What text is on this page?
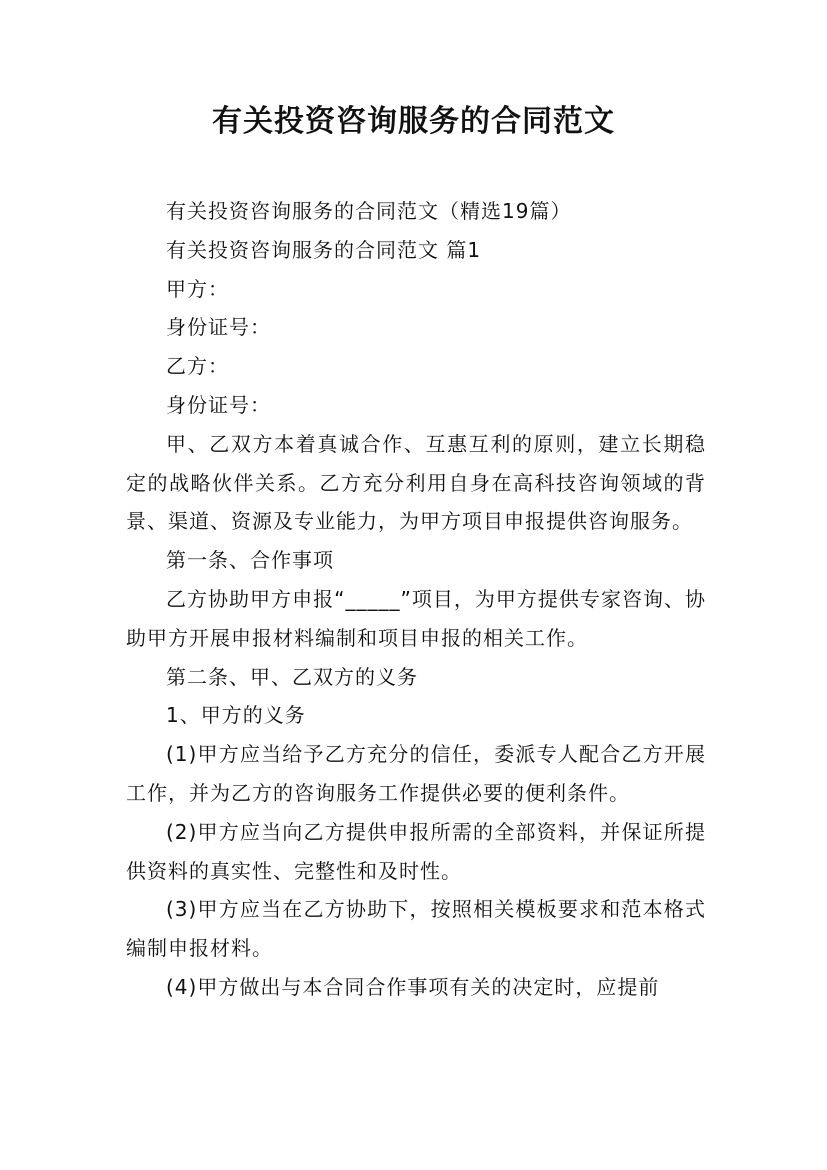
有关投资咨询服务的合同范文

有关投资咨询服务的合同范文（精选19篇）

有关投资咨询服务的合同范文 篇1

甲方：

身份证号：

乙方：

身份证号：

甲、乙双方本着真诚合作、互惠互利的原则，建立长期稳定的战略伙伴关系。乙方充分利用自身在高科技咨询领域的背景、渠道、资源及专业能力，为甲方项目申报提供咨询服务。

第一条、合作事项

乙方协助甲方申报“_____”项目，为甲方提供专家咨询、协助甲方开展申报材料编制和项目申报的相关工作。

第二条、甲、乙双方的义务

1、甲方的义务

(1)甲方应当给予乙方充分的信任，委派专人配合乙方开展工作，并为乙方的咨询服务工作提供必要的便利条件。

(2)甲方应当向乙方提供申报所需的全部资料，并保证所提供资料的真实性、完整性和及时性。

(3)甲方应当在乙方协助下，按照相关模板要求和范本格式编制申报材料。

(4)甲方做出与本合同合作事项有关的决定时，应提前
